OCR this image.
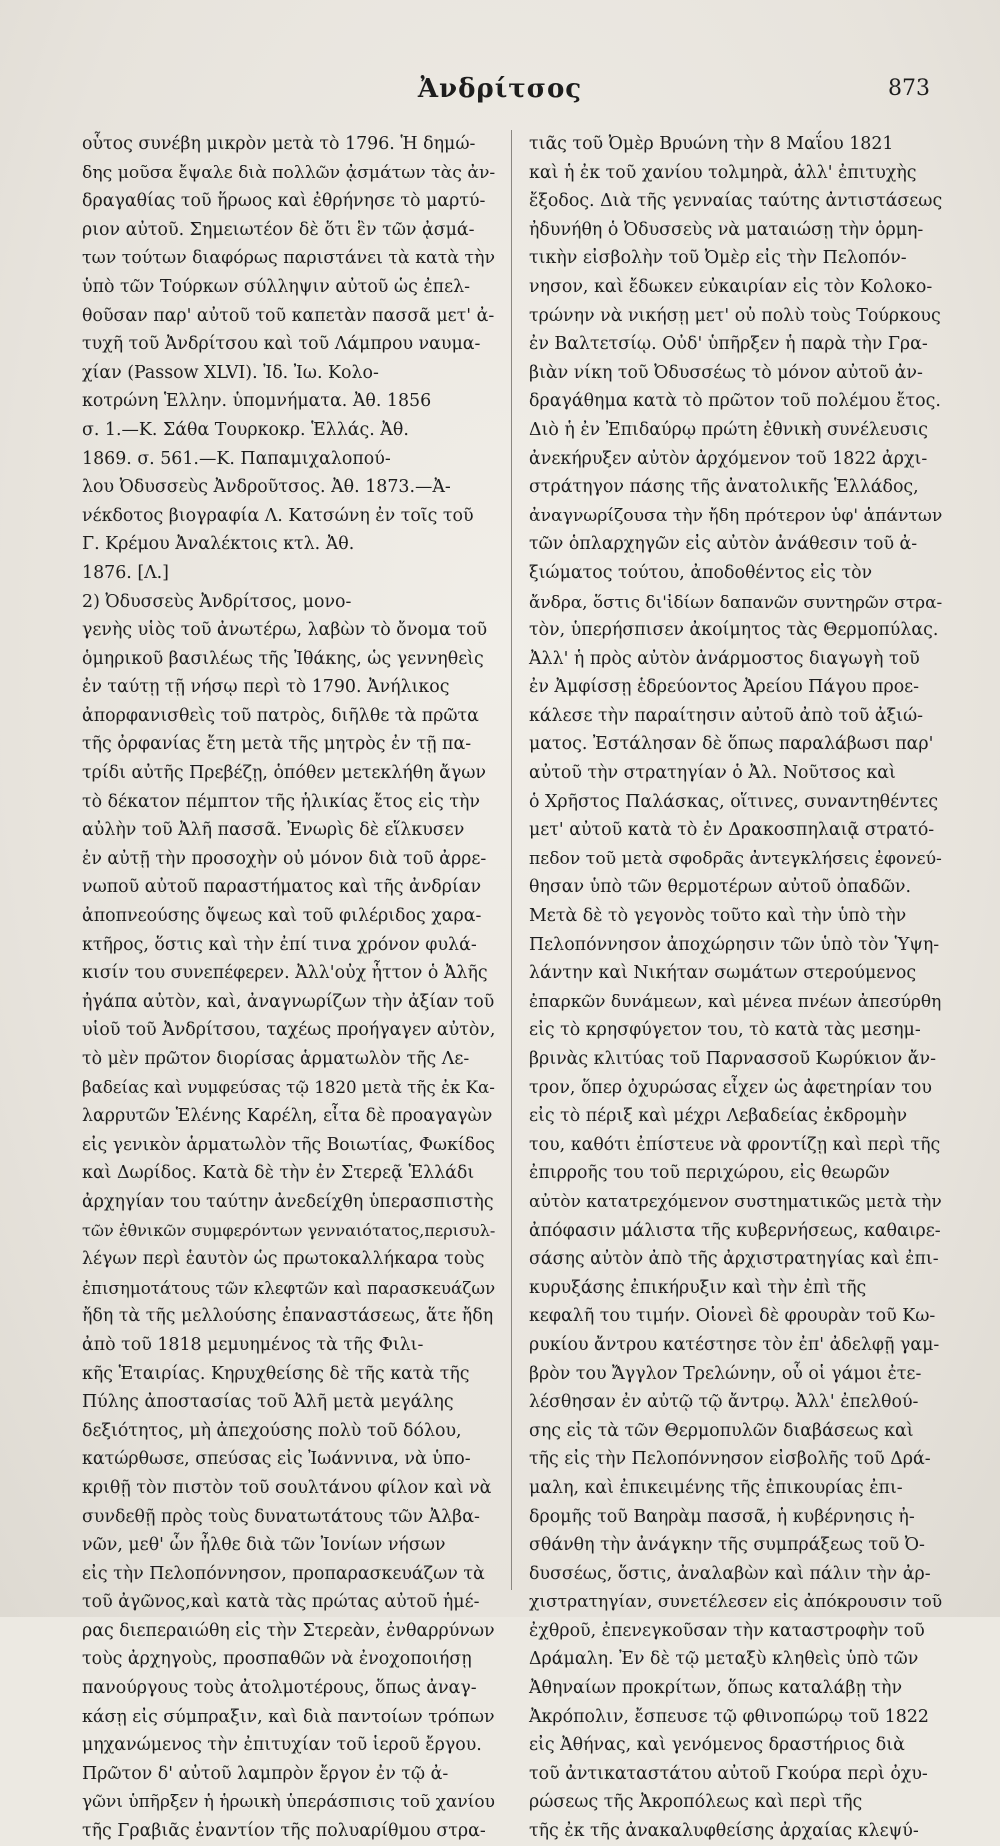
Ἀνδρίτσος	873
οὗτος συνέβη μικρὸν μετὰ τὸ 1796. Ἡ δημώ-
δης μοῦσα ἔψαλε διὰ πολλῶν ᾀσμάτων τὰς ἀν-
δραγαθίας τοῦ ἥρωος καὶ ἐθρήνησε τὸ μαρτύ-
ριον αὐτοῦ. Σημειωτέον δὲ ὅτι ἓν τῶν ᾀσμά-
των τούτων διαφόρως παριστάνει τὰ κατὰ τὴν
ὑπὸ τῶν Τούρκων σύλληψιν αὐτοῦ ὡς ἐπελ-
θοῦσαν παρ' αὐτοῦ τοῦ καπετὰν πασσᾶ μετ' ἀ-
τυχῆ τοῦ Ἀνδρίτσου καὶ τοῦ Λάμπρου ναυμα-
χίαν (Passow XLVI). Ἰδ. Ἰω. Κολο-
κοτρώνη Ἑλλην. ὑπομνήματα. Ἀθ. 1856
σ. 1.—Κ. Σάθα Τουρκοκρ. Ἑλλάς. Ἀθ.
1869. σ. 561.—Κ. Παπαμιχαλοπού-
λου Ὀδυσσεὺς Ἀνδροῦτσος. Ἀθ. 1873.—Ἀ-
νέκδοτος βιογραφία Λ. Κατσώνη ἐν τοῖς τοῦ
Γ. Κρέμου Ἀναλέκτοις κτλ. Ἀθ.
1876. [Λ.]
2) Ὀδυσσεὺς Ἀνδρίτσος, μονο-
γενὴς υἱὸς τοῦ ἀνωτέρω, λαβὼν τὸ ὄνομα τοῦ
ὁμηρικοῦ βασιλέως τῆς Ἰθάκης, ὡς γεννηθεὶς
ἐν ταύτῃ τῇ νήσῳ περὶ τὸ 1790. Ἀνήλικος
ἀπορφανισθεὶς τοῦ πατρὸς, διῆλθε τὰ πρῶτα
τῆς ὀρφανίας ἔτη μετὰ τῆς μητρὸς ἐν τῇ πα-
τρίδι αὐτῆς Πρεβέζῃ, ὁπόθεν μετεκλήθη ἄγων
τὸ δέκατον πέμπτον τῆς ἡλικίας ἔτος εἰς τὴν
αὐλὴν τοῦ Ἀλῆ πασσᾶ. Ἐνωρὶς δὲ εἵλκυσεν
ἐν αὐτῇ τὴν προσοχὴν οὐ μόνον διὰ τοῦ ἀρρε-
νωποῦ αὐτοῦ παραστήματος καὶ τῆς ἀνδρίαν
ἀποπνεούσης ὄψεως καὶ τοῦ φιλέριδος χαρα-
κτῆρος, ὅστις καὶ τὴν ἐπί τινα χρόνον φυλά-
κισίν του συνεπέφερεν. Ἀλλ'οὐχ ἧττον ὁ Ἀλῆς
ἠγάπα αὐτὸν, καὶ, ἀναγνωρίζων τὴν ἀξίαν τοῦ
υἱοῦ τοῦ Ἀνδρίτσου, ταχέως προήγαγεν αὐτὸν,
τὸ μὲν πρῶτον διορίσας ἁρματωλὸν τῆς Λε-
βαδείας καὶ νυμφεύσας τῷ 1820 μετὰ τῆς ἐκ Κα-
λαρρυτῶν Ἑλένης Καρέλη, εἶτα δὲ προαγαγὼν
εἰς γενικὸν ἁρματωλὸν τῆς Βοιωτίας, Φωκίδος
καὶ Δωρίδος. Κατὰ δὲ τὴν ἐν Στερεᾷ Ἑλλάδι
ἀρχηγίαν του ταύτην ἀνεδείχθη ὑπερασπιστὴς
τῶν ἐθνικῶν συμφερόντων γενναιότατος,περισυλ-
λέγων περὶ ἑαυτὸν ὡς πρωτοκαλλήκαρα τοὺς
ἐπισημοτάτους τῶν κλεφτῶν καὶ παρασκευάζων
ἤδη τὰ τῆς μελλούσης ἐπαναστάσεως, ἅτε ἤδη
ἀπὸ τοῦ 1818 μεμυημένος τὰ τῆς Φιλι-
κῆς Ἑταιρίας. Κηρυχθείσης δὲ τῆς κατὰ τῆς
Πύλης ἀποστασίας τοῦ Ἀλῆ μετὰ μεγάλης
δεξιότητος, μὴ ἀπεχούσης πολὺ τοῦ δόλου,
κατώρθωσε, σπεύσας εἰς Ἰωάννινα, νὰ ὑπο-
κριθῇ τὸν πιστὸν τοῦ σουλτάνου φίλον καὶ νὰ
συνδεθῇ πρὸς τοὺς δυνατωτάτους τῶν Ἀλβα-
νῶν, μεθ' ὧν ἦλθε διὰ τῶν Ἰονίων νήσων
εἰς τὴν Πελοπόννησον, προπαρασκευάζων τὰ
τοῦ ἀγῶνος,καὶ κατὰ τὰς πρώτας αὐτοῦ ἡμέ-
ρας διεπεραιώθη εἰς τὴν Στερεὰν, ἐνθαρρύνων
τοὺς ἀρχηγοὺς, προσπαθῶν νὰ ἐνοχοποιήσῃ
πανούργους τοὺς ἀτολμοτέρους, ὅπως ἀναγ-
κάσῃ εἰς σύμπραξιν, καὶ διὰ παντοίων τρόπων
μηχανώμενος τὴν ἐπιτυχίαν τοῦ ἱεροῦ ἔργου.
Πρῶτον δ' αὐτοῦ λαμπρὸν ἔργον ἐν τῷ ἀ-
γῶνι ὑπῆρξεν ἡ ἡρωικὴ ὑπεράσπισις τοῦ χανίου
τῆς Γραβιᾶς ἐναντίον τῆς πολυαρίθμου στρα-
τιᾶς τοῦ Ὀμὲρ Βρυώνη τὴν 8 Μαΐου 1821
καὶ ἡ ἐκ τοῦ χανίου τολμηρὰ, ἀλλ' ἐπιτυχὴς
ἔξοδος. Διὰ τῆς γενναίας ταύτης ἀντιστάσεως
ἠδυνήθη ὁ Ὀδυσσεὺς νὰ ματαιώσῃ τὴν ὁρμη-
τικὴν εἰσβολὴν τοῦ Ὀμὲρ εἰς τὴν Πελοπόν-
νησον, καὶ ἔδωκεν εὐκαιρίαν εἰς τὸν Κολοκο-
τρώνην νὰ νικήσῃ μετ' οὐ πολὺ τοὺς Τούρκους
ἐν Βαλτετσίῳ. Οὐδ' ὑπῆρξεν ἡ παρὰ τὴν Γρα-
βιὰν νίκη τοῦ Ὀδυσσέως τὸ μόνον αὐτοῦ ἀν-
δραγάθημα κατὰ τὸ πρῶτον τοῦ πολέμου ἔτος.
Διὸ ἡ ἐν Ἐπιδαύρῳ πρώτη ἐθνικὴ συνέλευσις
ἀνεκήρυξεν αὐτὸν ἀρχόμενον τοῦ 1822 ἀρχι-
στράτηγον πάσης τῆς ἀνατολικῆς Ἑλλάδος,
ἀναγνωρίζουσα τὴν ἤδη πρότερον ὑφ' ἁπάντων
τῶν ὁπλαρχηγῶν εἰς αὐτὸν ἀνάθεσιν τοῦ ἀ-
ξιώματος τούτου, ἀποδοθέντος εἰς τὸν
ἄνδρα, ὅστις δι'ἰδίων δαπανῶν συντηρῶν στρα-
τὸν, ὑπερήσπισεν ἀκοίμητος τὰς Θερμοπύλας.
Ἀλλ' ἡ πρὸς αὐτὸν ἀνάρμοστος διαγωγὴ τοῦ
ἐν Ἀμφίσσῃ ἑδρεύοντος Ἀρείου Πάγου προε-
κάλεσε τὴν παραίτησιν αὐτοῦ ἀπὸ τοῦ ἀξιώ-
ματος. Ἐστάλησαν δὲ ὅπως παραλάβωσι παρ'
αὐτοῦ τὴν στρατηγίαν ὁ Ἀλ. Νοῦτσος καὶ
ὁ Χρῆστος Παλάσκας, οἵτινες, συναντηθέντες
μετ' αὐτοῦ κατὰ τὸ ἐν Δρακοσπηλαιᾷ στρατό-
πεδον τοῦ μετὰ σφοδρᾶς ἀντεγκλήσεις ἐφονεύ-
θησαν ὑπὸ τῶν θερμοτέρων αὐτοῦ ὀπαδῶν.
Μετὰ δὲ τὸ γεγονὸς τοῦτο καὶ τὴν ὑπὸ τὴν
Πελοπόννησον ἀποχώρησιν τῶν ὑπὸ τὸν Ὑψη-
λάντην καὶ Νικήταν σωμάτων στερούμενος
ἐπαρκῶν δυνάμεων, καὶ μένεα πνέων ἀπεσύρθη
εἰς τὸ κρησφύγετον του, τὸ κατὰ τὰς μεσημ-
βρινὰς κλιτύας τοῦ Παρνασσοῦ Κωρύκιον ἄν-
τρον, ὅπερ ὀχυρώσας εἶχεν ὡς ἀφετηρίαν του
εἰς τὸ πέριξ καὶ μέχρι Λεβαδείας ἐκδρομὴν
του, καθότι ἐπίστευε νὰ φροντίζῃ καὶ περὶ τῆς
ἐπιρροῆς του τοῦ περιχώρου, εἰς θεωρῶν
αὐτὸν κατατρεχόμενον συστηματικῶς μετὰ τὴν
ἀπόφασιν μάλιστα τῆς κυβερνήσεως, καθαιρε-
σάσης αὐτὸν ἀπὸ τῆς ἀρχιστρατηγίας καὶ ἐπι-
κυρυξάσης ἐπικήρυξιν καὶ τὴν ἐπὶ τῆς
κεφαλῆ του τιμήν. Οἱονεὶ δὲ φρουρὰν τοῦ Κω-
ρυκίου ἄντρου κατέστησε τὸν ἐπ' ἀδελφῇ γαμ-
βρὸν του Ἄγγλον Τρελώνην, οὗ οἱ γάμοι ἐτε-
λέσθησαν ἐν αὐτῷ τῷ ἄντρῳ. Ἀλλ' ἐπελθού-
σης εἰς τὰ τῶν Θερμοπυλῶν διαβάσεως καὶ
τῆς εἰς τὴν Πελοπόννησον εἰσβολῆς τοῦ Δρά-
μαλη, καὶ ἐπικειμένης τῆς ἐπικουρίας ἐπι-
δρομῆς τοῦ Βαηρὰμ πασσᾶ, ἡ κυβέρνησις ἠ-
σθάνθη τὴν ἀνάγκην τῆς συμπράξεως τοῦ Ὀ-
δυσσέως, ὅστις, ἀναλαβὼν καὶ πάλιν τὴν ἀρ-
χιστρατηγίαν, συνετέλεσεν εἰς ἀπόκρουσιν τοῦ
ἐχθροῦ, ἐπενεγκοῦσαν τὴν καταστροφὴν τοῦ
Δράμαλη. Ἐν δὲ τῷ μεταξὺ κληθεὶς ὑπὸ τῶν
Ἀθηναίων προκρίτων, ὅπως καταλάβῃ τὴν
Ἀκρόπολιν, ἔσπευσε τῷ φθινοπώρῳ τοῦ 1822
εἰς Ἀθήνας, καὶ γενόμενος δραστήριος διὰ
τοῦ ἀντικαταστάτου αὐτοῦ Γκούρα περὶ ὀχυ-
ρώσεως τῆς Ἀκροπόλεως καὶ περὶ τῆς
τῆς ἐκ τῆς ἀνακαλυφθείσης ἀρχαίας κλεψύ-
